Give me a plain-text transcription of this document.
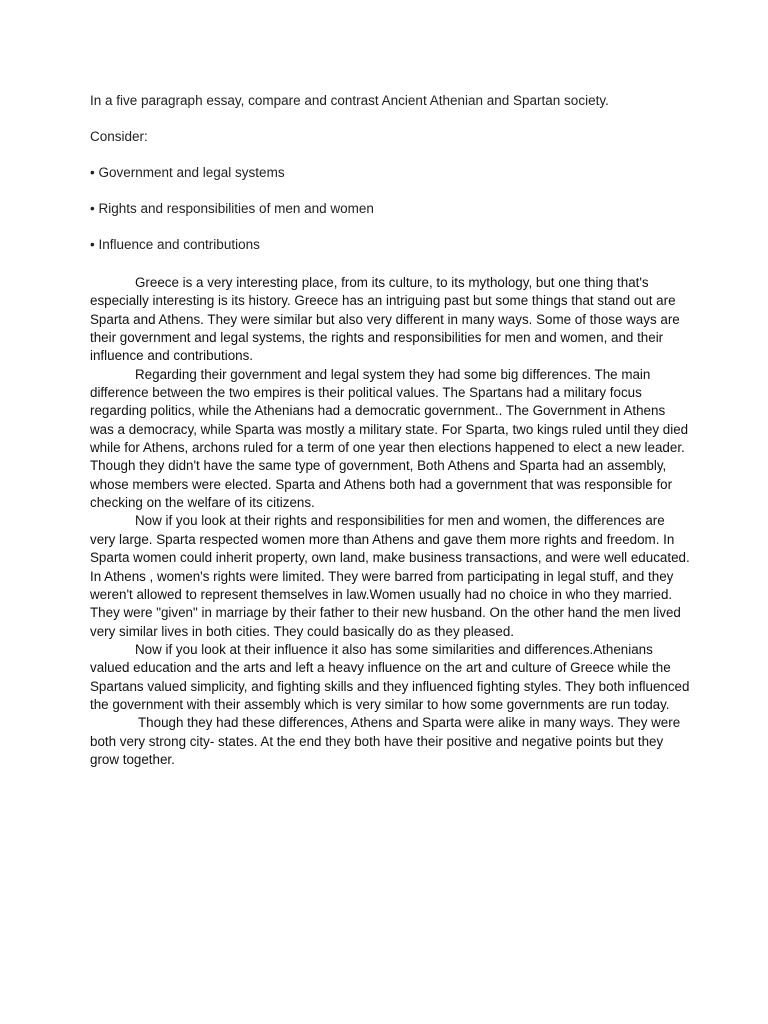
In a five paragraph essay, compare and contrast Ancient Athenian and Spartan society.

Consider:

• Government and legal systems

• Rights and responsibilities of men and women

• Influence and contributions

Greece is a very interesting place, from its culture, to its mythology, but one thing that's especially interesting is its history. Greece has an intriguing past but some things that stand out are Sparta and Athens. They were similar but also very different in many ways. Some of those ways are their government and legal systems, the rights and responsibilities for men and women, and their influence and contributions.

Regarding their government and legal system they had some big differences. The main difference between the two empires is their political values. The Spartans had a military focus regarding politics, while the Athenians had a democratic government.. The Government in Athens was a democracy, while Sparta was mostly a military state. For Sparta, two kings ruled until they died while for Athens, archons ruled for a term of one year then elections happened to elect a new leader. Though they didn't have the same type of government, Both Athens and Sparta had an assembly, whose members were elected. Sparta and Athens both had a government that was responsible for checking on the welfare of its citizens.

Now if you look at their rights and responsibilities for men and women, the differences are very large. Sparta respected women more than Athens and gave them more rights and freedom. In Sparta women could inherit property, own land, make business transactions, and were well educated. In Athens , women's rights were limited. They were barred from participating in legal stuff, and they weren't allowed to represent themselves in law.Women usually had no choice in who they married. They were "given" in marriage by their father to their new husband. On the other hand the men lived very similar lives in both cities. They could basically do as they pleased.

Now if you look at their influence it also has some similarities and differences.Athenians valued education and the arts and left a heavy influence on the art and culture of Greece while the Spartans valued simplicity, and fighting skills and they influenced fighting styles. They both influenced the government with their assembly which is very similar to how some governments are run today.

Though they had these differences, Athens and Sparta were alike in many ways. They were both very strong city- states. At the end they both have their positive and negative points but they grow together.
